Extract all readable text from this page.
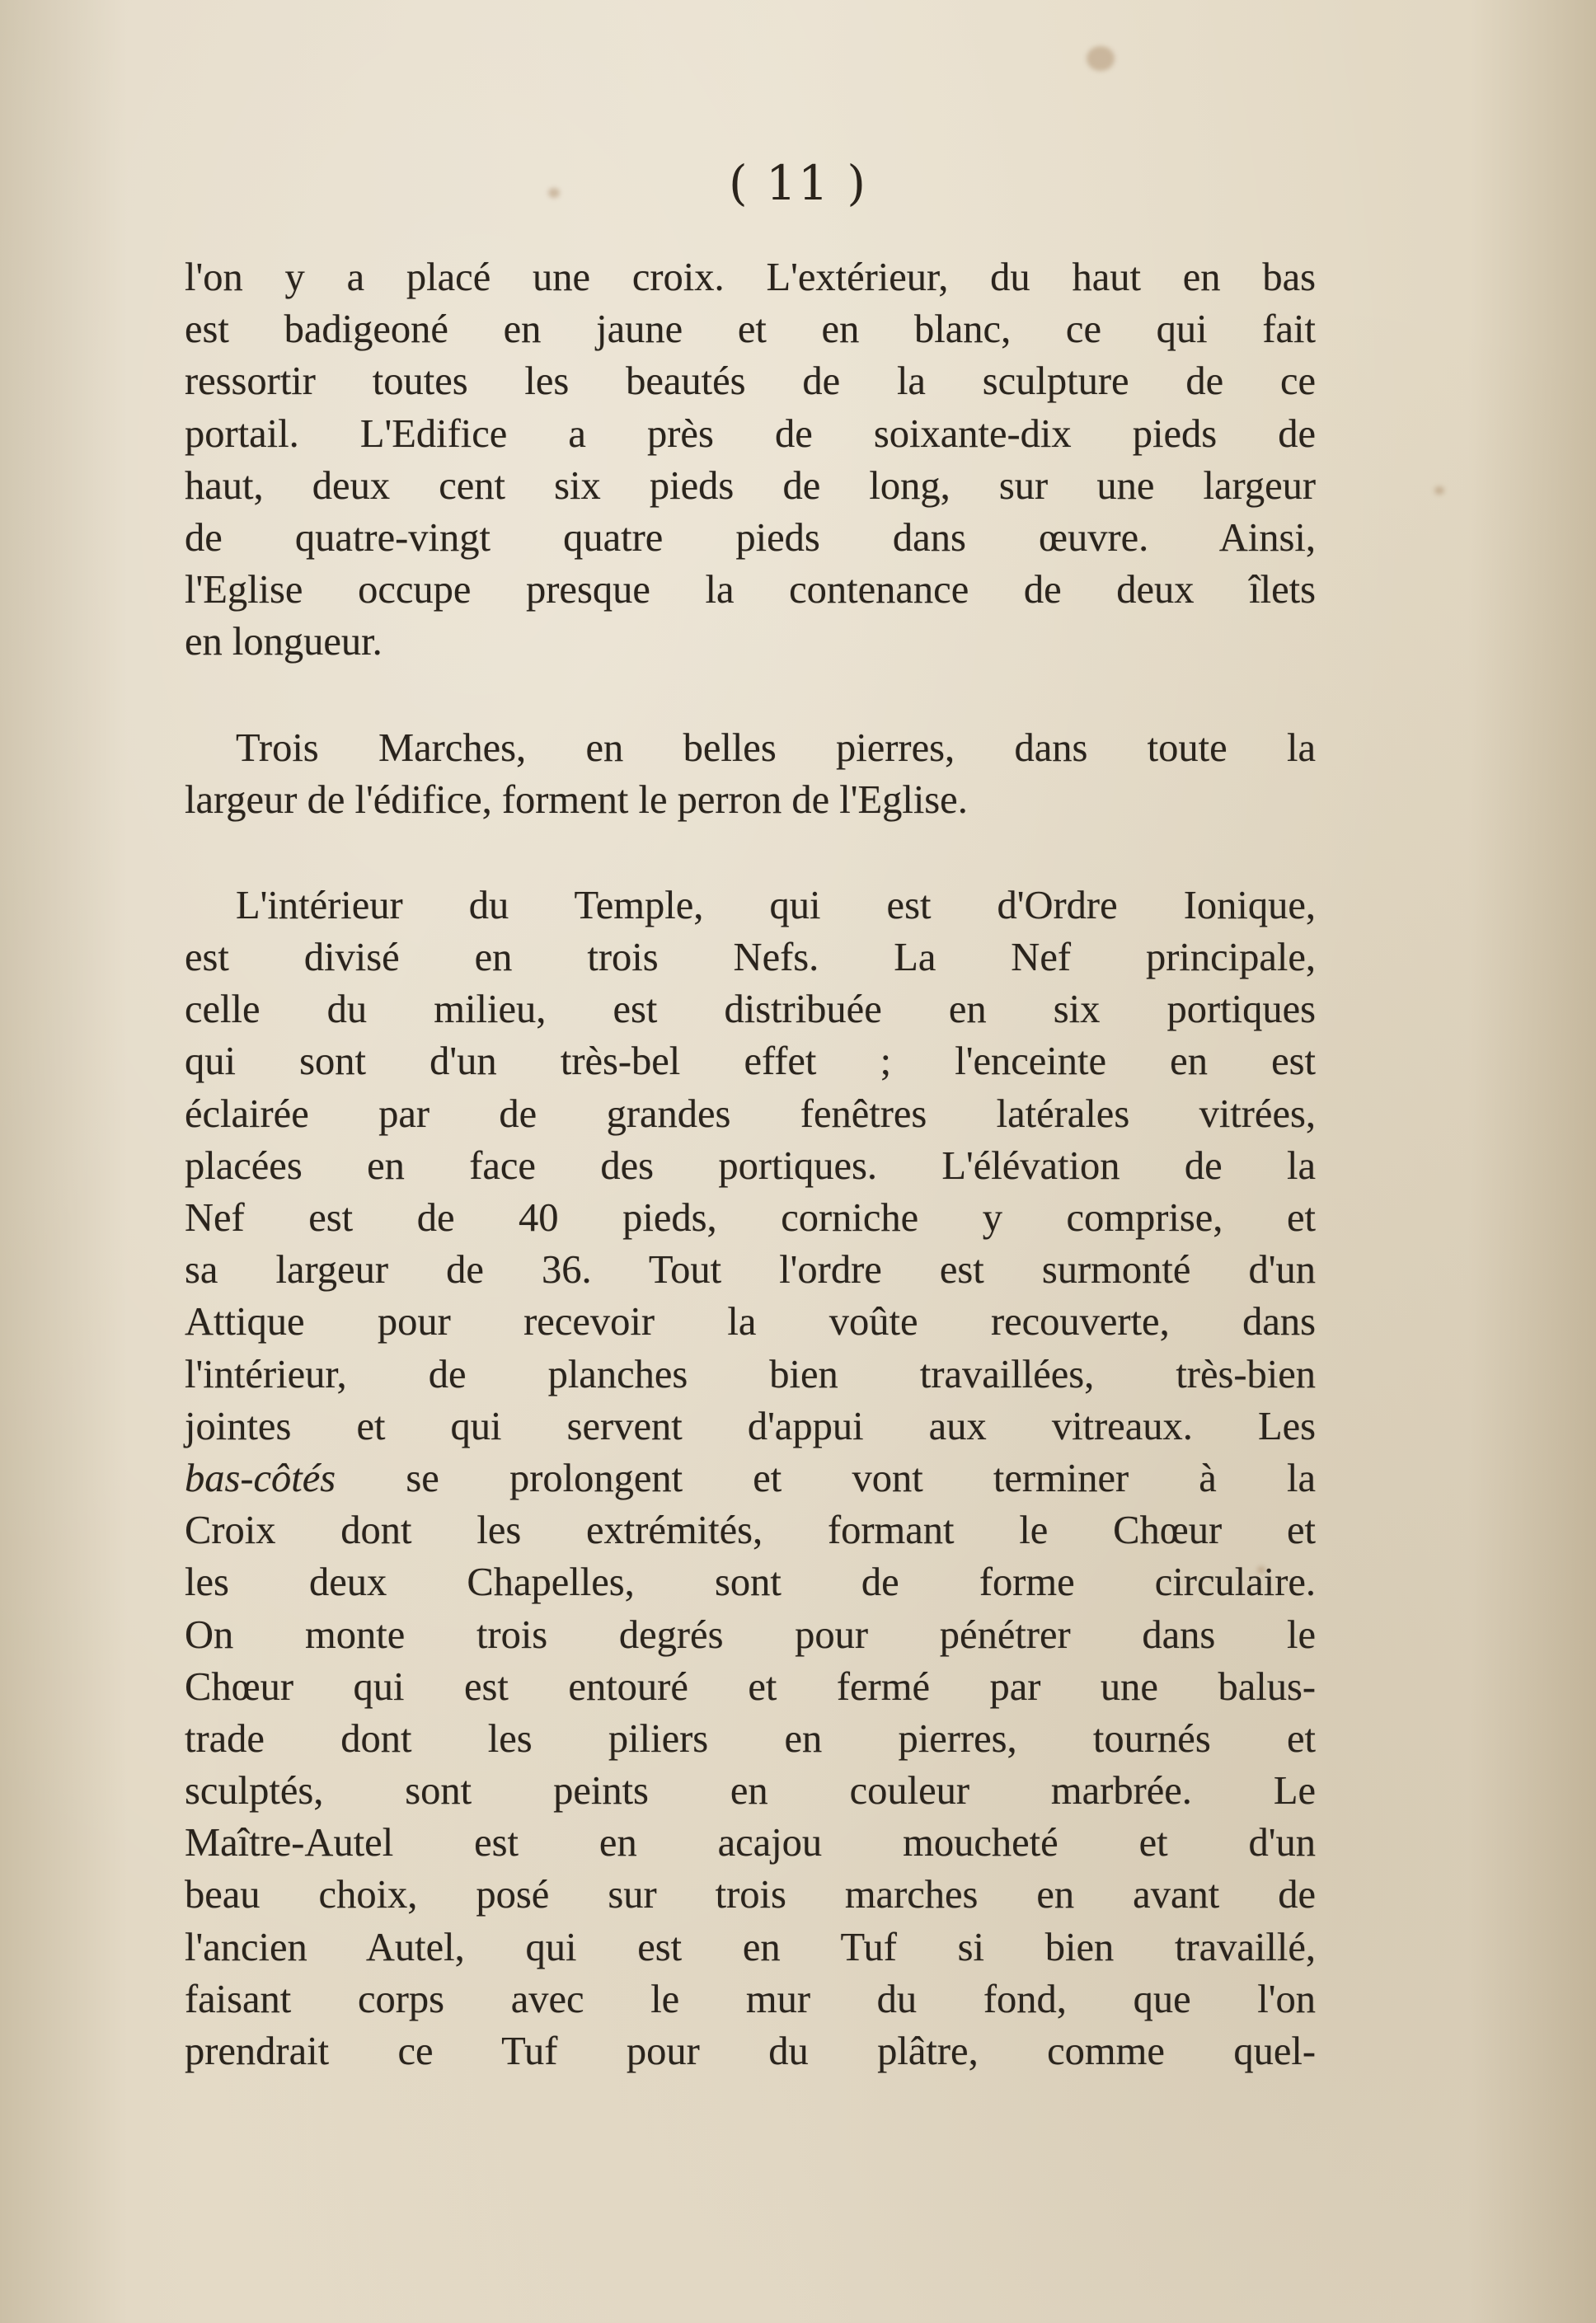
( 11 )
l'on y a placé une croix. L'extérieur, du haut en bas
est badigeoné en jaune et en blanc, ce qui fait
ressortir toutes les beautés de la sculpture de ce
portail. L'Edifice a près de soixante-dix pieds de
haut, deux cent six pieds de long, sur une largeur
de quatre-vingt quatre pieds dans œuvre. Ainsi,
l'Eglise occupe presque la contenance de deux îlets
en longueur.
Trois Marches, en belles pierres, dans toute la
largeur de l'édifice, forment le perron de l'Eglise.
L'intérieur du Temple, qui est d'Ordre Ionique,
est divisé en trois Nefs. La Nef principale,
celle du milieu, est distribuée en six portiques
qui sont d'un très-bel effet ; l'enceinte en est
éclairée par de grandes fenêtres latérales vitrées,
placées en face des portiques. L'élévation de la
Nef est de 40 pieds, corniche y comprise, et
sa largeur de 36. Tout l'ordre est surmonté d'un
Attique pour recevoir la voûte recouverte, dans
l'intérieur, de planches bien travaillées, très-bien
jointes et qui servent d'appui aux vitreaux. Les
bas-côtés se prolongent et vont terminer à la
Croix dont les extrémités, formant le Chœur et
les deux Chapelles, sont de forme circulaire.
On monte trois degrés pour pénétrer dans le
Chœur qui est entouré et fermé par une balus-
trade dont les piliers en pierres, tournés et
sculptés, sont peints en couleur marbrée. Le
Maître-Autel est en acajou moucheté et d'un
beau choix, posé sur trois marches en avant de
l'ancien Autel, qui est en Tuf si bien travaillé,
faisant corps avec le mur du fond, que l'on
prendrait ce Tuf pour du plâtre, comme quel-
